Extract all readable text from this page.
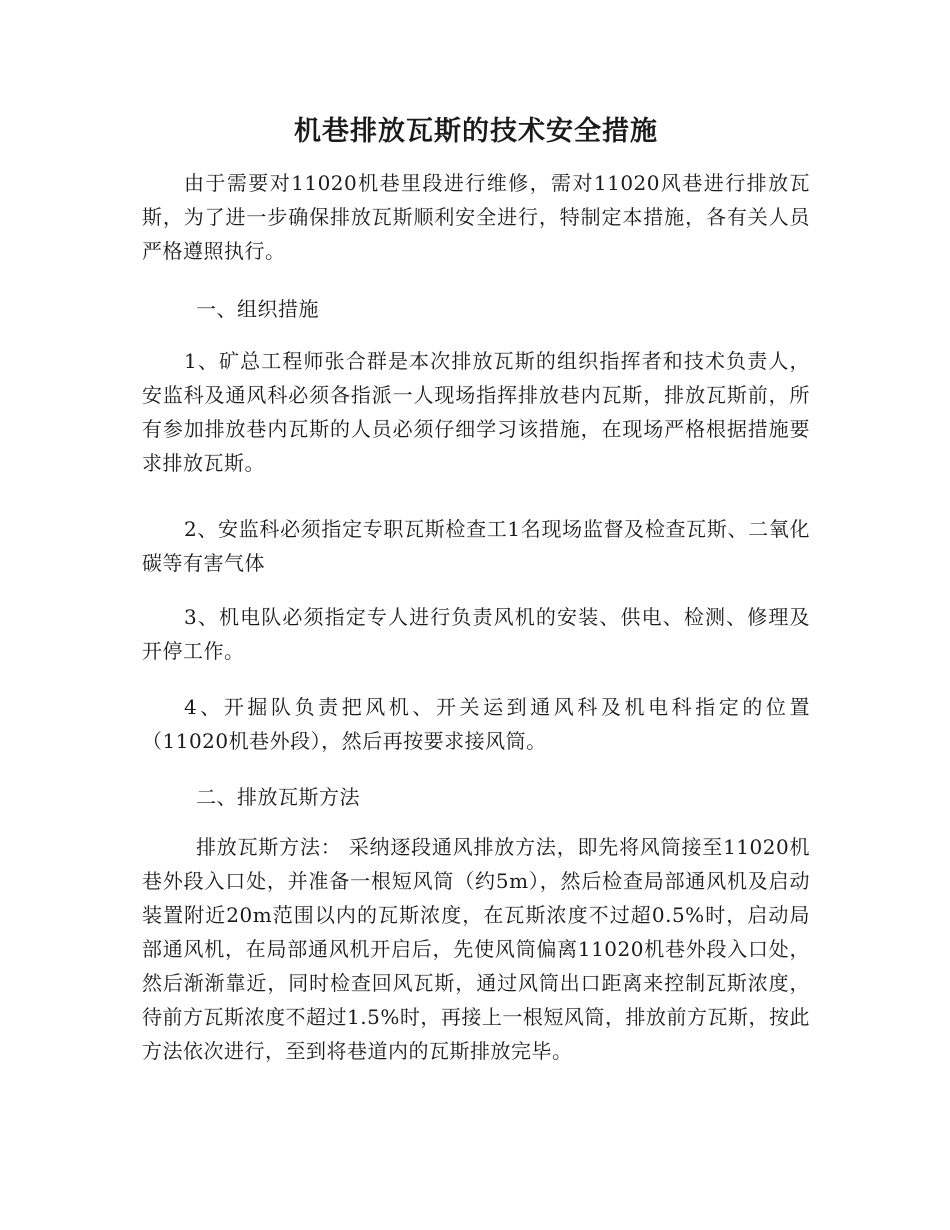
机巷排放瓦斯的技术安全措施
由于需要对11020机巷里段进行维修，需对11020风巷进行排放瓦斯，为了进一步确保排放瓦斯顺利安全进行，特制定本措施，各有关人员严格遵照执行。
一、组织措施
1、矿总工程师张合群是本次排放瓦斯的组织指挥者和技术负责人，安监科及通风科必须各指派一人现场指挥排放巷内瓦斯，排放瓦斯前，所有参加排放巷内瓦斯的人员必须仔细学习该措施，在现场严格根据措施要求排放瓦斯。
2、安监科必须指定专职瓦斯检查工1名现场监督及检查瓦斯、二氧化碳等有害气体
3、机电队必须指定专人进行负责风机的安装、供电、检测、修理及开停工作。
4、开掘队负责把风机、开关运到通风科及机电科指定的位置（11020机巷外段），然后再按要求接风筒。
二、排放瓦斯方法
排放瓦斯方法： 采纳逐段通风排放方法，即先将风筒接至11020机巷外段入口处，并准备一根短风筒（约5m），然后检查局部通风机及启动装置附近20m范围以内的瓦斯浓度，在瓦斯浓度不过超0.5%时，启动局部通风机，在局部通风机开启后，先使风筒偏离11020机巷外段入口处，然后渐渐靠近，同时检查回风瓦斯，通过风筒出口距离来控制瓦斯浓度，待前方瓦斯浓度不超过1.5%时，再接上一根短风筒，排放前方瓦斯，按此方法依次进行，至到将巷道内的瓦斯排放完毕。
